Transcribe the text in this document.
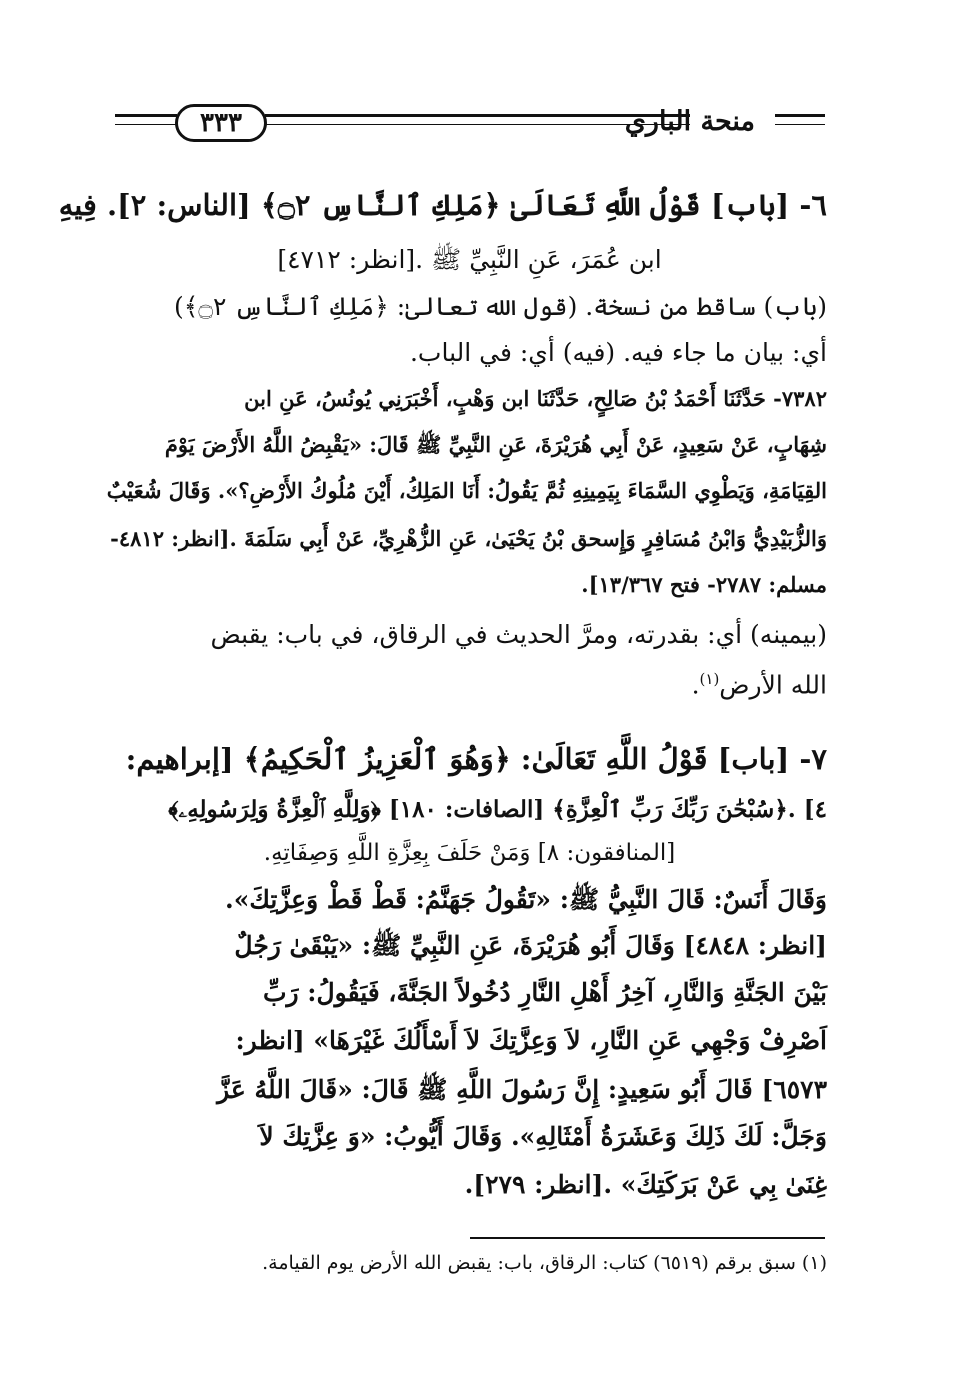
٣٣٣	منحة الباري
٦- [باب] قَوْلُ اللَّهِ تَعَالَىٰ ﴿مَلِكِ ٱلنَّاسِ ۝٢﴾ [الناس: ٢]. فِيهِ
ابن عُمَرَ، عَنِ النَّبِيِّ ﷺ .[انظر: ٤٧١٢]
(باب) ساقط من نسخة. (قول الله تعالىٰ: ﴿مَلِكِ ٱلنَّاسِ ۝٢﴾)
أي: بيان ما جاء فيه. (فيه) أي: في الباب.
٧٣٨٢- حَدَّثَنَا أَحْمَدُ بْنُ صَالِحٍ، حَدَّثَنَا ابن وَهْبٍ، أَخْبَرَنِي يُونُسُ، عَنِ ابن
شِهَابٍ، عَنْ سَعِيدٍ، عَنْ أَبِي هُرَيْرَةَ، عَنِ النَّبِيِّ ﷺ قَالَ: «يَقْبِضُ اللَّهُ الأَرْضَ يَوْمَ
القِيَامَةِ، وَيَطْوِي السَّمَاءَ بِيَمِينِهِ ثُمَّ يَقُولُ: أَنَا المَلِكُ، أَيْنَ مُلُوكُ الأَرْضِ؟». وَقَالَ شُعَيْبٌ
وَالزُّبَيْدِيُّ وَابْنُ مُسَافِرٍ وَإِسحق بْنُ يَحْيَىٰ، عَنِ الزُّهْرِيِّ، عَنْ أَبِي سَلَمَةَ .[انظر: ٤٨١٢-
مسلم: ٢٧٨٧- فتح ١٣/٣٦٧].
(بيمينه) أي: بقدرته، ومرَّ الحديث في الرقاق، في باب: يقبض
الله الأرض$^{(١)}$.
٧- [باب] قَوْلُ اللَّهِ تَعَالَىٰ: ﴿وَهُوَ ٱلْعَزِيزُ ٱلْحَكِيمُ﴾ [إبراهيم:
٤] .﴿سُبْحَٰنَ رَبِّكَ رَبِّ ٱلْعِزَّةِ﴾ [الصافات: ١٨٠] ﴿وَلِلَّهِ ٱلْعِزَّةُ وَلِرَسُولِهِۦ﴾
[المنافقون: ٨] وَمَنْ حَلَفَ بِعِزَّةِ اللَّهِ وَصِفَاتِهِ.
وَقَالَ أَنَسٌ: قَالَ النَّبِيُّ ﷺ: «تَقُولُ جَهَنَّمُ: قَطْ قَطْ وَعِزَّتِكَ».
[انظر: ٤٨٤٨] وَقَالَ أَبُو هُرَيْرَةَ، عَنِ النَّبِيِّ ﷺ: «يَبْقَىٰ رَجُلٌ
بَيْنَ الجَنَّةِ وَالنَّارِ، آخِرُ أَهْلِ النَّارِ دُخُولاً الجَنَّةَ، فَيَقُولُ: رَبِّ
اَصْرِفْ وَجْهِي عَنِ النَّارِ، لاَ وَعِزَّتِكَ لاَ أَسْأَلُكَ غَيْرَهَا» [انظر:
٦٥٧٣] قَالَ أَبُو سَعِيدٍ: إِنَّ رَسُولَ اللَّهِ ﷺ قَالَ: «قَالَ اللَّهُ عَزَّ
وَجَلَّ: لَكَ ذَلِكَ وَعَشَرَةُ أَمْثَالِهِ». وَقَالَ أَيُّوبُ: «وَ عِزَّتِكَ لاَ
غِنَىٰ بِي عَنْ بَرَكَتِكَ» .[انظر: ٢٧٩].
(١) سبق برقم (٦٥١٩) كتاب: الرقاق، باب: يقبض الله الأرض يوم القيامة.
